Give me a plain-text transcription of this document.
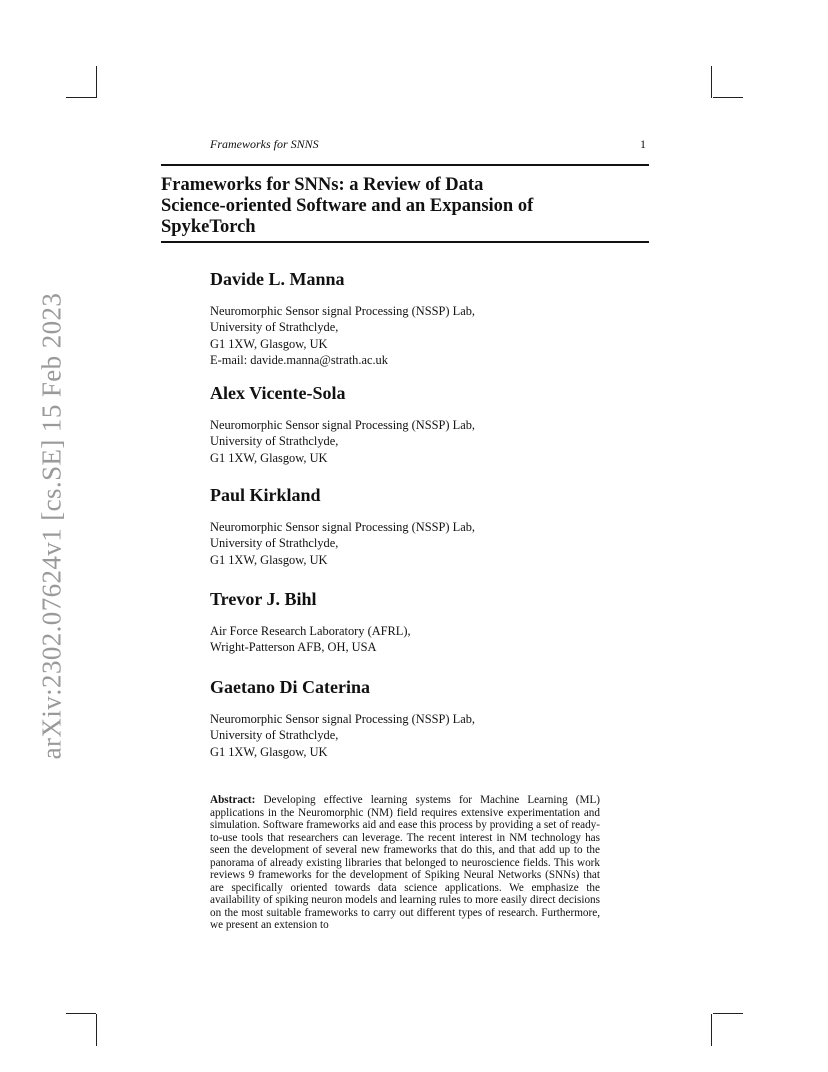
arXiv:2302.07624v1 [cs.SE] 15 Feb 2023
Frameworks for SNNS	1
Frameworks for SNNs: a Review of Data
Science-oriented Software and an Expansion of
SpykeTorch

Davide L. Manna

Neuromorphic Sensor signal Processing (NSSP) Lab,
University of Strathclyde,
G1 1XW, Glasgow, UK
E-mail: davide.manna@strath.ac.uk

Alex Vicente-Sola

Neuromorphic Sensor signal Processing (NSSP) Lab,
University of Strathclyde,
G1 1XW, Glasgow, UK

Paul Kirkland

Neuromorphic Sensor signal Processing (NSSP) Lab,
University of Strathclyde,
G1 1XW, Glasgow, UK

Trevor J. Bihl

Air Force Research Laboratory (AFRL),
Wright-Patterson AFB, OH, USA

Gaetano Di Caterina

Neuromorphic Sensor signal Processing (NSSP) Lab,
University of Strathclyde,
G1 1XW, Glasgow, UK

Abstract: Developing effective learning systems for Machine Learning (ML) applications in the Neuromorphic (NM) field requires extensive experimentation and simulation. Software frameworks aid and ease this process by providing a set of ready-to-use tools that researchers can leverage. The recent interest in NM technology has seen the development of several new frameworks that do this, and that add up to the panorama of already existing libraries that belonged to neuroscience fields. This work reviews 9 frameworks for the development of Spiking Neural Networks (SNNs) that are specifically oriented towards data science applications. We emphasize the availability of spiking neuron models and learning rules to more easily direct decisions on the most suitable frameworks to carry out different types of research. Furthermore, we present an extension to
